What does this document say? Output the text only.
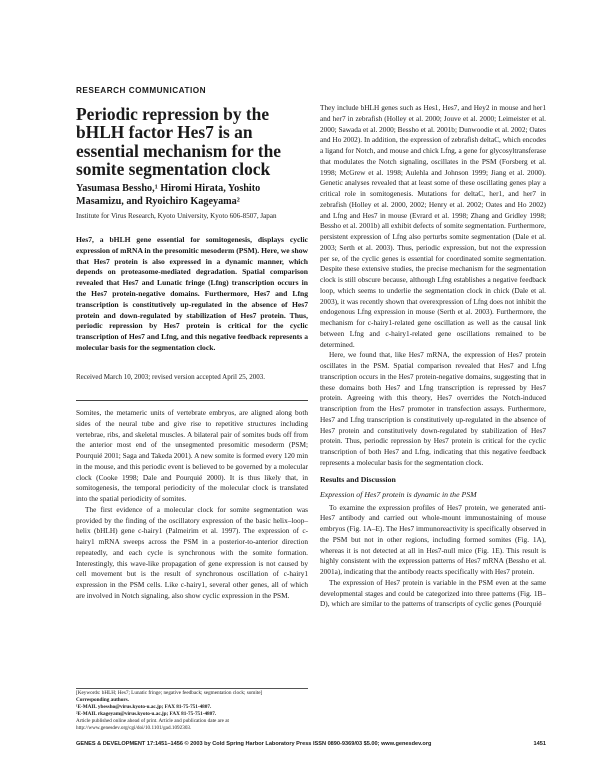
RESEARCH COMMUNICATION
Periodic repression by the bHLH factor Hes7 is an essential mechanism for the somite segmentation clock

Yasumasa Bessho,¹ Hiromi Hirata, Yoshito Masamizu, and Ryoichiro Kageyama²

Institute for Virus Research, Kyoto University, Kyoto 606-8507, Japan

Hes7, a bHLH gene essential for somitogenesis, displays cyclic expression of mRNA in the presomitic mesoderm (PSM). Here, we show that Hes7 protein is also expressed in a dynamic manner, which depends on proteasome-mediated degradation. Spatial comparison revealed that Hes7 and Lunatic fringe (Lfng) transcription occurs in the Hes7 protein-negative domains. Furthermore, Hes7 and Lfng transcription is constitutively up-regulated in the absence of Hes7 protein and down-regulated by stabilization of Hes7 protein. Thus, periodic repression by Hes7 protein is critical for the cyclic transcription of Hes7 and Lfng, and this negative feedback represents a molecular basis for the segmentation clock.

Received March 10, 2003; revised version accepted April 25, 2003.

Somites, the metameric units of vertebrate embryos, are aligned along both sides of the neural tube and give rise to repetitive structures including vertebrae, ribs, and skeletal muscles. A bilateral pair of somites buds off from the anterior most end of the unsegmented presomitic mesoderm (PSM; Pourquié 2001; Saga and Takeda 2001). A new somite is formed every 120 min in the mouse, and this periodic event is believed to be governed by a molecular clock (Cooke 1998; Dale and Pourquié 2000). It is thus likely that, in somitogenesis, the temporal periodicity of the molecular clock is translated into the spatial periodicity of somites.

The first evidence of a molecular clock for somite segmentation was provided by the finding of the oscillatory expression of the basic helix–loop–helix (bHLH) gene c-hairy1 (Palmeirim et al. 1997). The expression of c-hairy1 mRNA sweeps across the PSM in a posterior-to-anterior direction repeatedly, and each cycle is synchronous with the somite formation. Interestingly, this wave-like propagation of gene expression is not caused by cell movement but is the result of synchronous oscillation of c-hairy1 expression in the PSM cells. Like c-hairy1, several other genes, all of which are involved in Notch signaling, also show cyclic expression in the PSM.

[Keywords: bHLH; Hes7; Lunatic fringe; negative feedback; segmentation clock; somite]
Corresponding authors.
¹E-MAIL ybessho@virus.kyoto-u.ac.jp; FAX 81-75-751-4807.
²E-MAIL rkageyam@virus.kyoto-u.ac.jp; FAX 81-75-751-4807.
Article published online ahead of print. Article and publication date are at http://www.genesdev.org/cgi/doi/10.1101/gad.1092303.

They include bHLH genes such as Hes1, Hes7, and Hey2 in mouse and her1 and her7 in zebrafish (Holley et al. 2000; Jouve et al. 2000; Leimeister et al. 2000; Sawada et al. 2000; Bessho et al. 2001b; Dunwoodie et al. 2002; Oates and Ho 2002). In addition, the expression of zebrafish deltaC, which encodes a ligand for Notch, and mouse and chick Lfng, a gene for glycosyltransferase that modulates the Notch signaling, oscillates in the PSM (Forsberg et al. 1998; McGrew et al. 1998; Aulehla and Johnson 1999; Jiang et al. 2000). Genetic analyses revealed that at least some of these oscillating genes play a critical role in somitogenesis. Mutations for deltaC, her1, and her7 in zebrafish (Holley et al. 2000, 2002; Henry et al. 2002; Oates and Ho 2002) and Lfng and Hes7 in mouse (Evrard et al. 1998; Zhang and Gridley 1998; Bessho et al. 2001b) all exhibit defects of somite segmentation. Furthermore, persistent expression of Lfng also perturbs somite segmentation (Dale et al. 2003; Serth et al. 2003). Thus, periodic expression, but not the expression per se, of the cyclic genes is essential for coordinated somite segmentation. Despite these extensive studies, the precise mechanism for the segmentation clock is still obscure because, although Lfng establishes a negative feedback loop, which seems to underlie the segmentation clock in chick (Dale et al. 2003), it was recently shown that overexpression of Lfng does not inhibit the endogenous Lfng expression in mouse (Serth et al. 2003). Furthermore, the mechanism for c-hairy1-related gene oscillation as well as the causal link between Lfng and c-hairy1-related gene oscillations remained to be determined.

Here, we found that, like Hes7 mRNA, the expression of Hes7 protein oscillates in the PSM. Spatial comparison revealed that Hes7 and Lfng transcription occurs in the Hes7 protein-negative domains, suggesting that in these domains both Hes7 and Lfng transcription is repressed by Hes7 protein. Agreeing with this theory, Hes7 overrides the Notch-induced transcription from the Hes7 promoter in transfection assays. Furthermore, Hes7 and Lfng transcription is constitutively up-regulated in the absence of Hes7 protein and constitutively down-regulated by stabilization of Hes7 protein. Thus, periodic repression by Hes7 protein is critical for the cyclic transcription of both Hes7 and Lfng, indicating that this negative feedback represents a molecular basis for the segmentation clock.

Results and Discussion
Expression of Hes7 protein is dynamic in the PSM

To examine the expression profiles of Hes7 protein, we generated anti-Hes7 antibody and carried out whole-mount immunostaining of mouse embryos (Fig. 1A–E). The Hes7 immunoreactivity is specifically observed in the PSM but not in other regions, including formed somites (Fig. 1A), whereas it is not detected at all in Hes7-null mice (Fig. 1E). This result is highly consistent with the expression patterns of Hes7 mRNA (Bessho et al. 2001a), indicating that the antibody reacts specifically with Hes7 protein.

The expression of Hes7 protein is variable in the PSM even at the same developmental stages and could be categorized into three patterns (Fig. 1B–D), which are similar to the patterns of transcripts of cyclic genes (Pourquié

GENES & DEVELOPMENT 17:1451–1456 © 2003 by Cold Spring Harbor Laboratory Press ISSN 0890-9369/03 $5.00; www.genesdev.org	1451
